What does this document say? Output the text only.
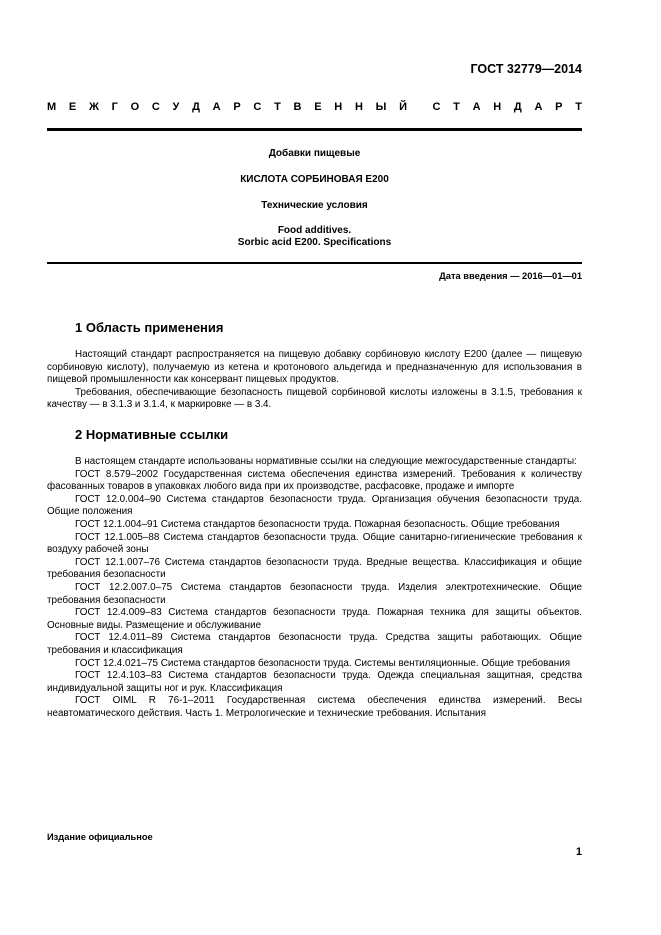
ГОСТ 32779—2014
М Е Ж Г О С У Д А Р С Т В Е Н Н Ы Й С Т А Н Д А Р Т
Добавки пищевые
КИСЛОТА СОРБИНОВАЯ Е200
Технические условия
Food additives.
Sorbic acid E200. Specifications
Дата введения — 2016—01—01
1 Область применения

Настоящий стандарт распространяется на пищевую добавку сорбиновую кислоту Е200 (далее — пищевую сорбиновую кислоту), получаемую из кетена и кротонового альдегида и предназначенную для использования в пищевой промышленности как консервант пищевых продуктов.

Требования, обеспечивающие безопасность пищевой сорбиновой кислоты изложены в 3.1.5, требования к качеству — в 3.1.3 и 3.1.4, к маркировке — в 3.4.

2 Нормативные ссылки

В настоящем стандарте использованы нормативные ссылки на следующие межгосударственные стандарты:

ГОСТ 8.579–2002 Государственная система обеспечения единства измерений. Требования к количеству фасованных товаров в упаковках любого вида при их производстве, расфасовке, продаже и импорте

ГОСТ 12.0.004–90 Система стандартов безопасности труда. Организация обучения безопасности труда. Общие положения

ГОСТ 12.1.004–91 Система стандартов безопасности труда. Пожарная безопасность. Общие требования

ГОСТ 12.1.005–88 Система стандартов безопасности труда. Общие санитарно-гигиенические требования к воздуху рабочей зоны

ГОСТ 12.1.007–76 Система стандартов безопасности труда. Вредные вещества. Классификация и общие требования безопасности

ГОСТ 12.2.007.0–75 Система стандартов безопасности труда. Изделия электротехнические. Общие требования безопасности

ГОСТ 12.4.009–83 Система стандартов безопасности труда. Пожарная техника для защиты объектов. Основные виды. Размещение и обслуживание

ГОСТ 12.4.011–89 Система стандартов безопасности труда. Средства защиты работающих. Общие требования и классификация

ГОСТ 12.4.021–75 Система стандартов безопасности труда. Системы вентиляционные. Общие требования

ГОСТ 12.4.103–83 Система стандартов безопасности труда. Одежда специальная защитная, средства индивидуальной защиты ног и рук. Классификация

ГОСТ OIML R 76-1–2011 Государственная система обеспечения единства измерений. Весы неавтоматического действия. Часть 1. Метрологические и технические требования. Испытания

Издание официальное
1
